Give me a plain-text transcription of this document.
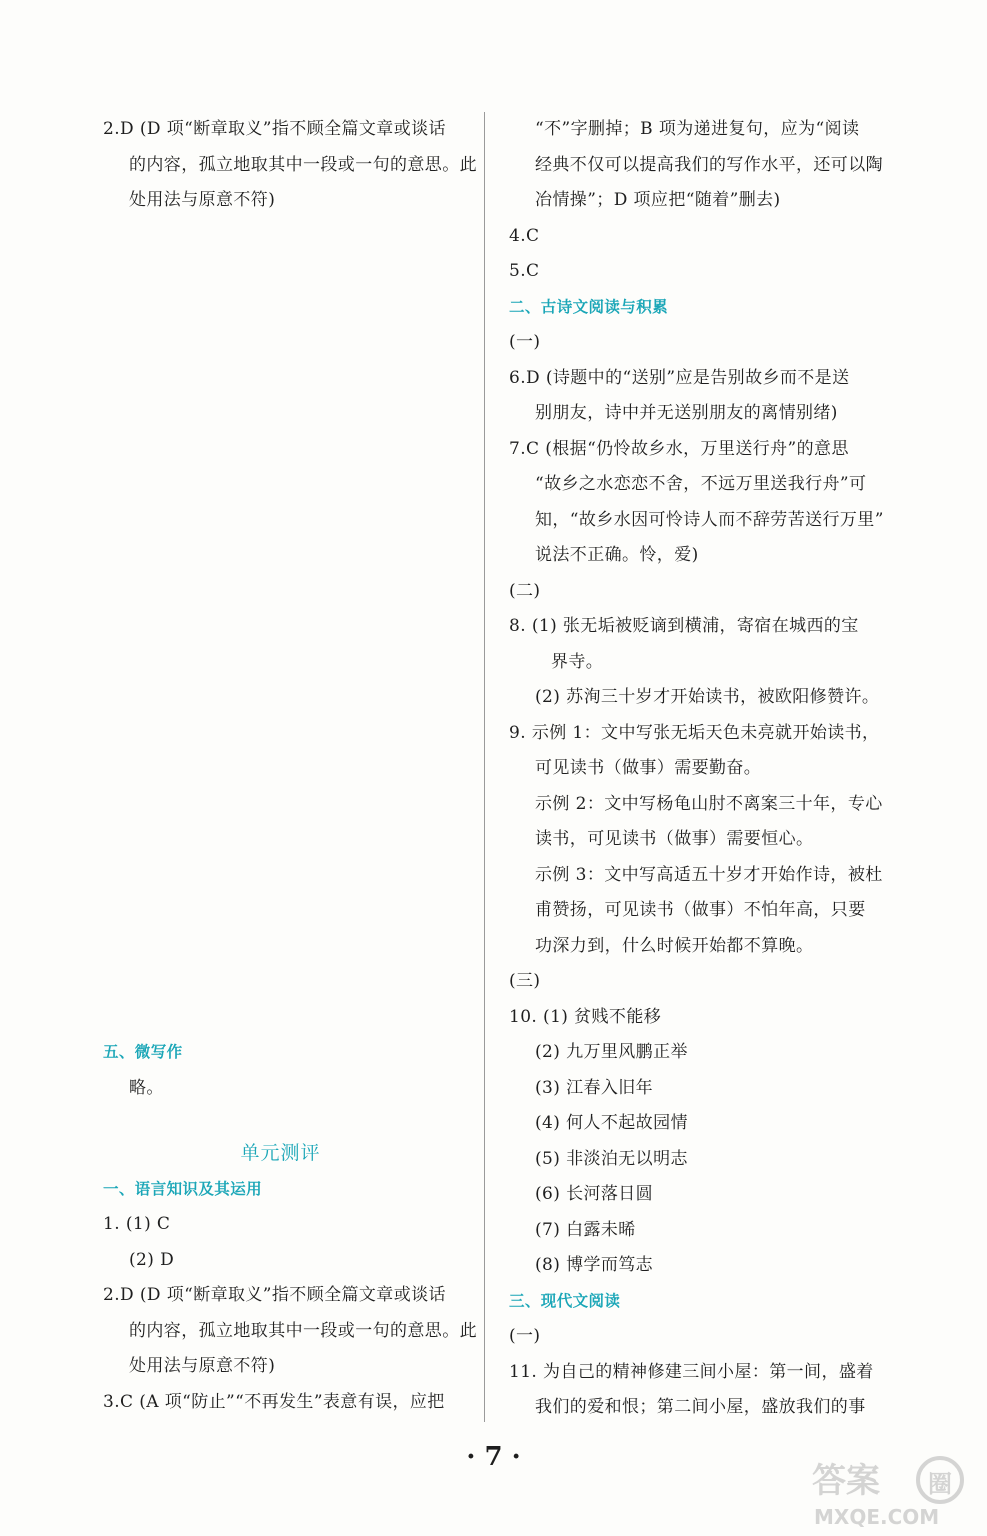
2.D (D 项“断章取义”指不顾全篇文章或谈话
的内容，孤立地取其中一段或一句的意思。此
处用法与原意不符)
五、微写作
略。
单元测评
一、语言知识及其运用
1. (1) C
(2) D
2.D (D 项“断章取义”指不顾全篇文章或谈话
的内容，孤立地取其中一段或一句的意思。此
处用法与原意不符)
3.C (A 项“防止”“不再发生”表意有误，应把
“不”字删掉；B 项为递进复句，应为“阅读
经典不仅可以提高我们的写作水平，还可以陶
冶情操”；D 项应把“随着”删去)
4.C
5.C
二、古诗文阅读与积累
(一)
6.D (诗题中的“送别”应是告别故乡而不是送
别朋友，诗中并无送别朋友的离情别绪)
7.C (根据“仍怜故乡水，万里送行舟”的意思
“故乡之水恋恋不舍，不远万里送我行舟”可
知，“故乡水因可怜诗人而不辞劳苦送行万里”
说法不正确。怜，爱)
(二)
8. (1) 张无垢被贬谪到横浦，寄宿在城西的宝
界寺。
(2) 苏洵三十岁才开始读书，被欧阳修赞许。
9. 示例 1：文中写张无垢天色未亮就开始读书，
可见读书（做事）需要勤奋。
示例 2：文中写杨龟山肘不离案三十年，专心
读书，可见读书（做事）需要恒心。
示例 3：文中写高适五十岁才开始作诗，被杜
甫赞扬，可见读书（做事）不怕年高，只要
功深力到，什么时候开始都不算晚。
(三)
10. (1) 贫贱不能移
(2) 九万里风鹏正举
(3) 江春入旧年
(4) 何人不起故园情
(5) 非淡泊无以明志
(6) 长河落日圆
(7) 白露未晞
(8) 博学而笃志
三、现代文阅读
(一)
11. 为自己的精神修建三间小屋：第一间，盛着
我们的爱和恨；第二间小屋，盛放我们的事
· 7 ·
答案 圈
MXQE.COM
